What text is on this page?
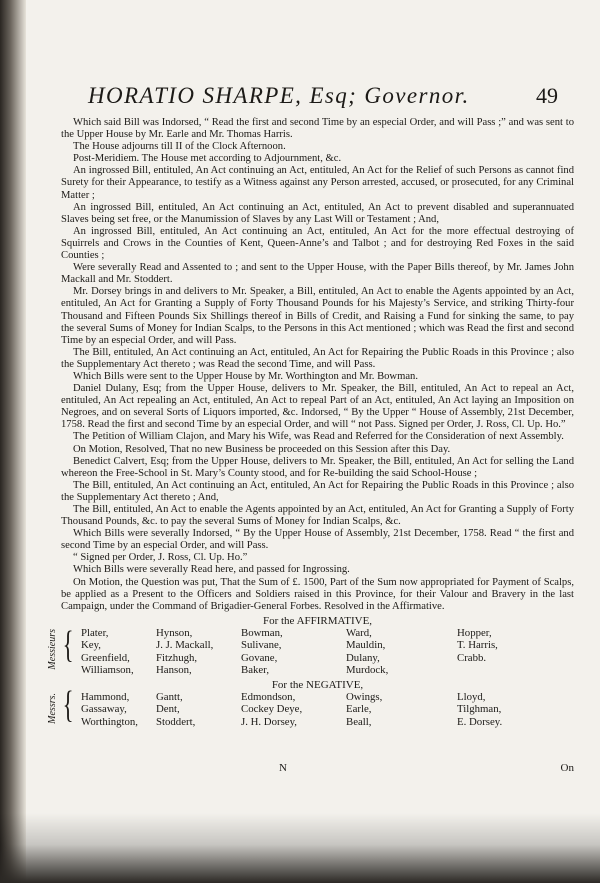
HORATIO SHARPE, Esq; Governor.	49

Which said Bill was Indorsed, “ Read the first and second Time by an especial Order, and will Pass ;” and was sent to the Upper House by Mr. Earle and Mr. Thomas Harris.

The House adjourns till II of the Clock Afternoon.

Post-Meridiem. The House met according to Adjournment, &c.

An ingrossed Bill, entituled, An Act continuing an Act, entituled, An Act for the Relief of such Persons as cannot find Surety for their Appearance, to testify as a Witness against any Person arrested, accused, or prosecuted, for any Criminal Matter ;

An ingrossed Bill, entituled, An Act continuing an Act, entituled, An Act to prevent disabled and superannuated Slaves being set free, or the Manumission of Slaves by any Last Will or Testament ; And,

An ingrossed Bill, entituled, An Act continuing an Act, entituled, An Act for the more effectual destroying of Squirrels and Crows in the Counties of Kent, Queen-Anne’s and Talbot ; and for destroying Red Foxes in the said Counties ;

Were severally Read and Assented to ; and sent to the Upper House, with the Paper Bills thereof, by Mr. James John Mackall and Mr. Stoddert.

Mr. Dorsey brings in and delivers to Mr. Speaker, a Bill, entituled, An Act to enable the Agents appointed by an Act, entituled, An Act for Granting a Supply of Forty Thousand Pounds for his Majesty’s Service, and striking Thirty-four Thousand and Fifteen Pounds Six Shillings thereof in Bills of Credit, and Raising a Fund for sinking the same, to pay the several Sums of Money for Indian Scalps, to the Persons in this Act mentioned ; which was Read the first and second Time by an especial Order, and will Pass.

The Bill, entituled, An Act continuing an Act, entituled, An Act for Repairing the Public Roads in this Province ; also the Supplementary Act thereto ; was Read the second Time, and will Pass.

Which Bills were sent to the Upper House by Mr. Worthington and Mr. Bowman.

Daniel Dulany, Esq; from the Upper House, delivers to Mr. Speaker, the Bill, entituled, An Act to repeal an Act, entituled, An Act repealing an Act, entituled, An Act to repeal Part of an Act, entituled, An Act laying an Imposition on Negroes, and on several Sorts of Liquors imported, &c. Indorsed, “ By the Upper “ House of Assembly, 21st December, 1758. Read the first and second Time by an especial Order, and will “ not Pass. Signed per Order, J. Ross, Cl. Up. Ho.”

The Petition of William Clajon, and Mary his Wife, was Read and Referred for the Consideration of next Assembly.

On Motion, Resolved, That no new Business be proceeded on this Session after this Day.

Benedict Calvert, Esq; from the Upper House, delivers to Mr. Speaker, the Bill, entituled, An Act for selling the Land whereon the Free-School in St. Mary’s County stood, and for Re-building the said School-House ;

The Bill, entituled, An Act continuing an Act, entituled, An Act for Repairing the Public Roads in this Province ; also the Supplementary Act thereto ; And,

The Bill, entituled, An Act to enable the Agents appointed by an Act, entituled, An Act for Granting a Supply of Forty Thousand Pounds, &c. to pay the several Sums of Money for Indian Scalps, &c.

Which Bills were severally Indorsed, “ By the Upper House of Assembly, 21st December, 1758. Read “ the first and second Time by an especial Order, and will Pass.

“ Signed per Order, J. Ross, Cl. Up. Ho.”

Which Bills were severally Read here, and passed for Ingrossing.

On Motion, the Question was put, That the Sum of £. 1500, Part of the Sum now appropriated for Payment of Scalps, be applied as a Present to the Officers and Soldiers raised in this Province, for their Valour and Bravery in the last Campaign, under the Command of Brigadier-General Forbes. Resolved in the Affirmative.

For the AFFIRMATIVE,
Messieurs { Plater,
Key,
Greenfield,
Williamson,
Hynson,
J. J. Mackall,
Fitzhugh,
Hanson,
Bowman,
Sulivane,
Govane,
Baker,
Ward,
Mauldin,
Dulany,
Murdock,
Hopper,
T. Harris,
Crabb.
For the NEGATIVE,
Messrs. { Hammond,
Gassaway,
Worthington,
Gantt,
Dent,
Stoddert,
Edmondson,
Cockey Deye,
J. H. Dorsey,
Owings,
Earle,
Beall,
Lloyd,
Tilghman,
E. Dorsey.
N	On
